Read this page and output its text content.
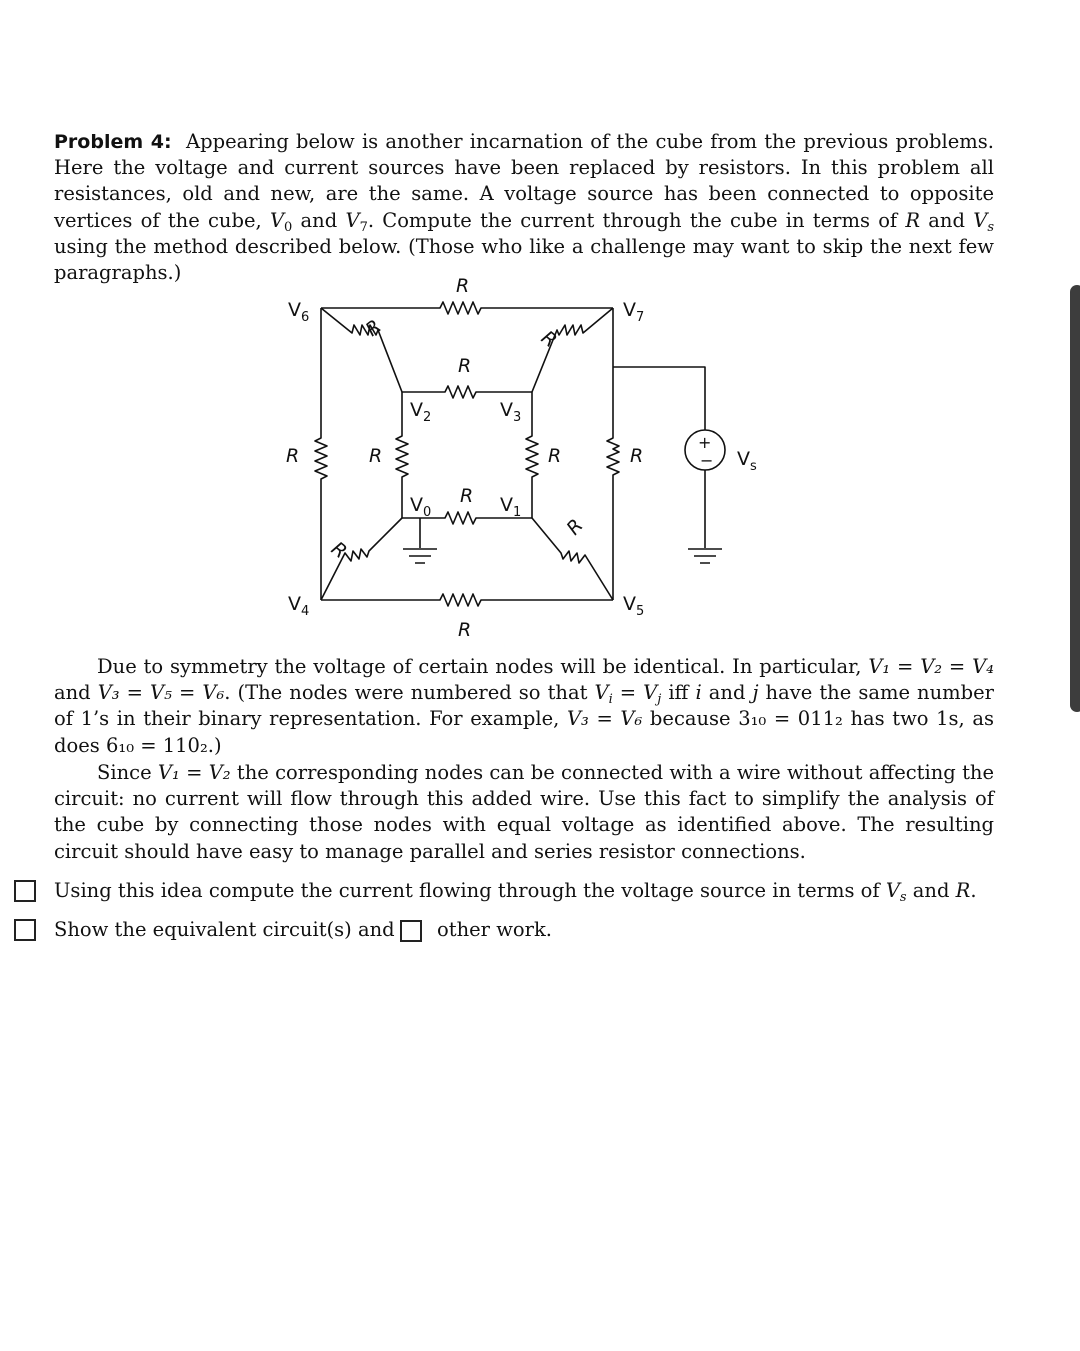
Problem 4: Appearing below is another incarnation of the cube from the previous problems. Here the voltage and current sources have been replaced by resistors. In this problem all resistances, old and new, are the same. A voltage source has been connected to opposite vertices of the cube, $V_0$ and $V_7$. Compute the current through the cube in terms of R and $V_s$ using the method described below. (Those who like a challenge may want to skip the next few paragraphs.)
R
R
R	R	R	R
R
R
R	R
R
R
$V_6$	$V_7$
$V_2$	$V_3$
$V_0$	$V_1$
$V_4$	$V_5$
$V_s$
+
−
Due to symmetry the voltage of certain nodes will be identical. In particular, V₁ = V₂ = V₄ and V₃ = V₅ = V₆. (The nodes were numbered so that $V_i = V_j$ iff i and j have the same number of 1’s in their binary representation. For example, V₃ = V₆ because 3₁₀ = 011₂ has two 1s, as does 6₁₀ = 110₂.)
Since V₁ = V₂ the corresponding nodes can be connected with a wire without affecting the circuit: no current will flow through this added wire. Use this fact to simplify the analysis of the cube by connecting those nodes with equal voltage as identified above. The resulting circuit should have easy to manage parallel and series resistor connections.
Using this idea compute the current flowing through the voltage source in terms of $V_s$ and R.
Show the equivalent circuit(s) and other work.
